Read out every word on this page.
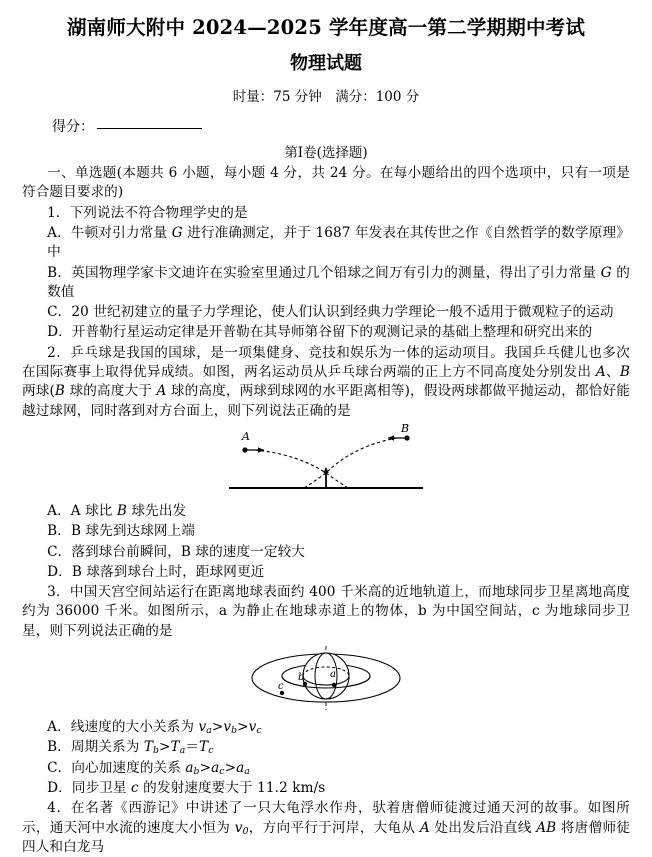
湖南师大附中 2024—2025 学年度高一第二学期期中考试
物理试题
时量：75 分钟　满分：100 分
得分：
第I卷(选择题)
一、单选题(本题共 6 小题，每小题 4 分，共 24 分。在每小题给出的四个选项中，只有一项是符合题目要求的)
1．下列说法不符合物理学史的是
A．牛顿对引力常量 G 进行准确测定，并于 1687 年发表在其传世之作《自然哲学的数学原理》中
B．英国物理学家卡文迪许在实验室里通过几个铅球之间万有引力的测量，得出了引力常量 G 的数值
C．20 世纪初建立的量子力学理论，使人们认识到经典力学理论一般不适用于微观粒子的运动
D．开普勒行星运动定律是开普勒在其导师第谷留下的观测记录的基础上整理和研究出来的
2．乒乓球是我国的国球，是一项集健身、竞技和娱乐为一体的运动项目。我国乒乓健儿也多次在国际赛事上取得优异成绩。如图，两名运动员从乒乓球台两端的正上方不同高度处分别发出 A、B 两球(B 球的高度大于 A 球的高度，两球到球网的水平距离相等)，假设两球都做平抛运动，都恰好能越过球网，同时落到对方台面上，则下列说法正确的是
A
B
A．A 球比 B 球先出发
B．B 球先到达球网上端
C．落到球台前瞬间，B 球的速度一定较大
D．B 球落到球台上时，距球网更近
3．中国天宫空间站运行在距离地球表面约 400 千米高的近地轨道上，而地球同步卫星离地高度约为 36000 千米。如图所示，a 为静止在地球赤道上的物体，b 为中国空间站，c 为地球同步卫星，则下列说法正确的是
a
b
c
A．线速度的大小关系为 $v_a>v_b>v_c$
B．周期关系为 $T_b>T_a=T_c$
C．向心加速度的关系 $a_b>a_c>a_a$
D．同步卫星 c 的发射速度要大于 11.2 km/s
4．在名著《西游记》中讲述了一只大龟浮水作舟，驮着唐僧师徒渡过通天河的故事。如图所示，通天河中水流的速度大小恒为 $v_0$，方向平行于河岸，大龟从 A 处出发后沿直线 AB 将唐僧师徒四人和白龙马
